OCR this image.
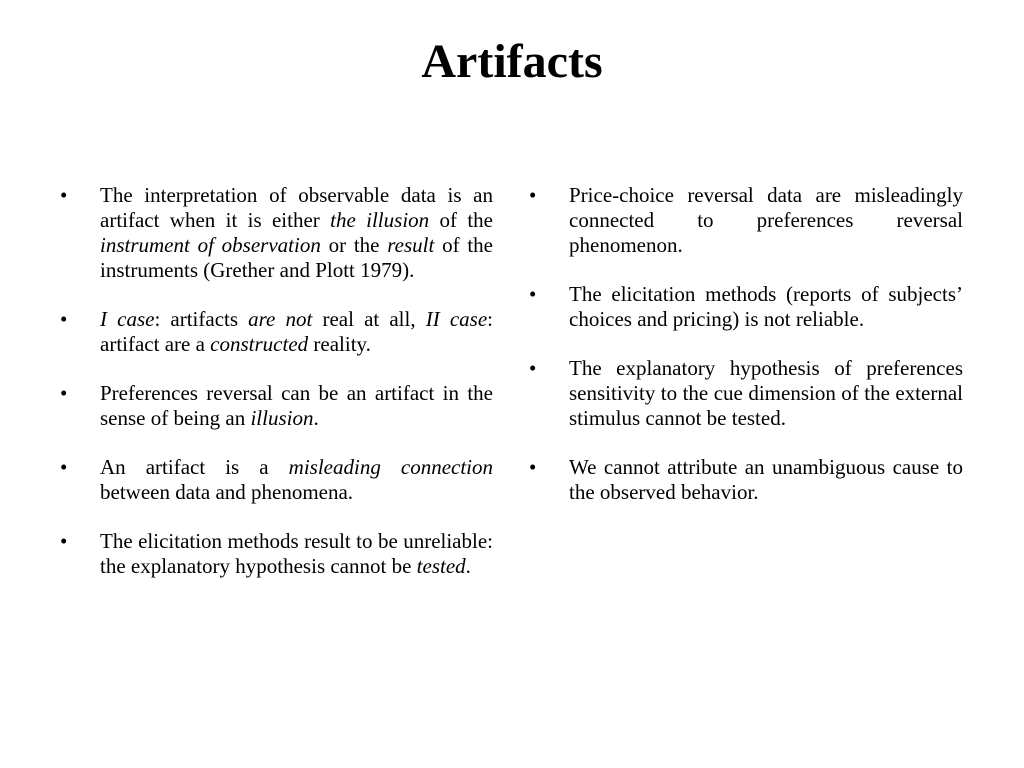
Artifacts
•	The interpretation of observable data is an artifact when it is either the illusion of the instrument of observation or the result of the instruments (Grether and Plott 1979).
•	I case: artifacts are not real at all, II case: artifact are a constructed reality.
•	Preferences reversal can be an artifact in the sense of being an illusion.
•	An artifact is a misleading connection between data and phenomena.
•	The elicitation methods result to be unreliable: the explanatory hypothesis cannot be tested.
•	Price-choice reversal data are misleadingly connected to preferences reversal phenomenon.
•	The elicitation methods (reports of subjects’ choices and pricing) is not reliable.
•	The explanatory hypothesis of preferences sensitivity to the cue dimension of the external stimulus cannot be tested.
•	We cannot attribute an unambiguous cause to the observed behavior.
